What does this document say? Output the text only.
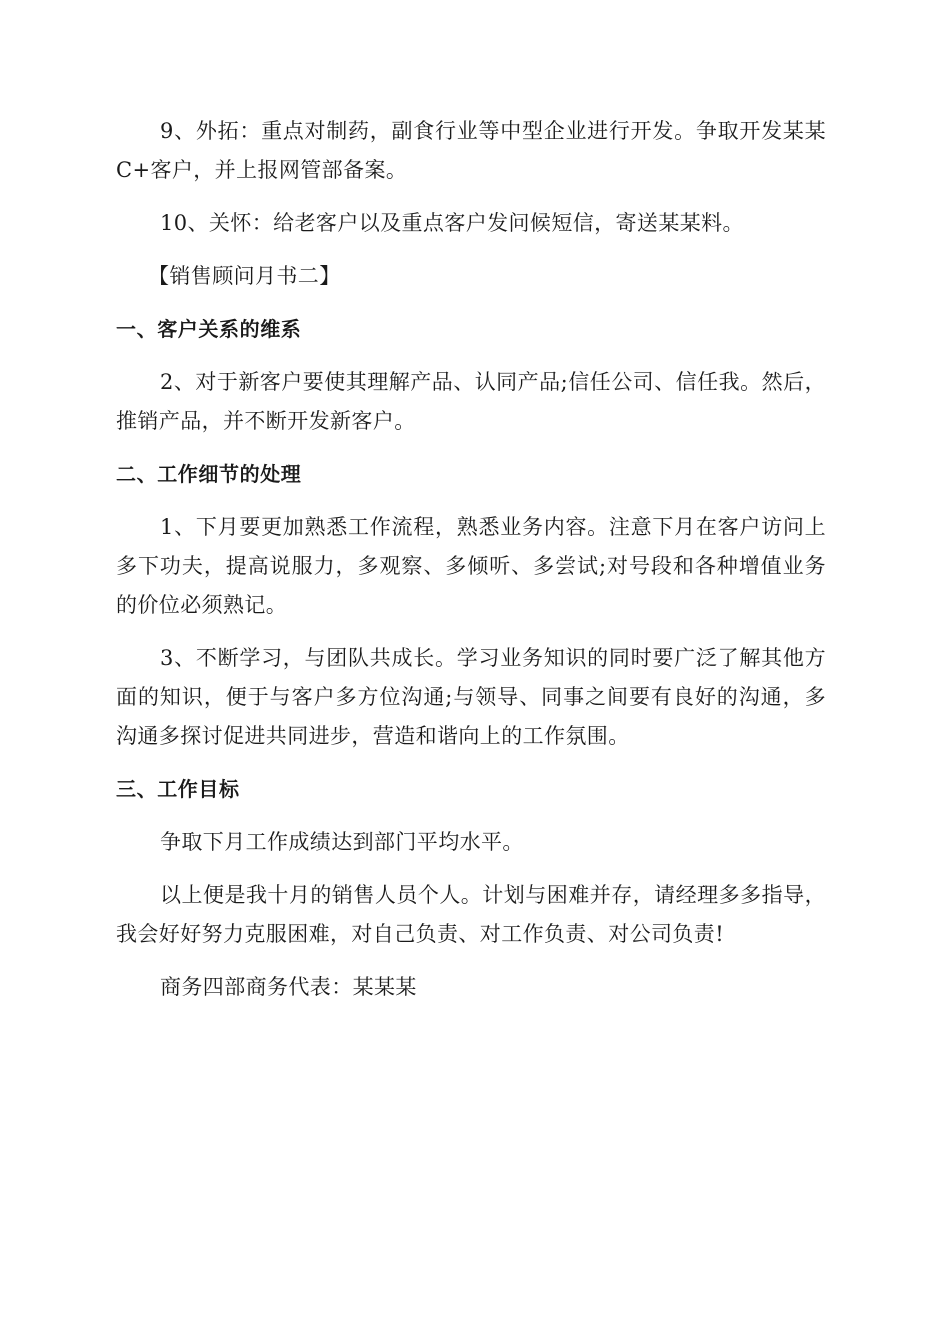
9、外拓：重点对制药，副食行业等中型企业进行开发。争取开发某某C+客户，并上报网管部备案。

10、关怀：给老客户以及重点客户发问候短信，寄送某某料。

【销售顾问月书二】

一、客户关系的维系

2、对于新客户要使其理解产品、认同产品;信任公司、信任我。然后，推销产品，并不断开发新客户。

二、工作细节的处理

1、下月要更加熟悉工作流程，熟悉业务内容。注意下月在客户访问上多下功夫，提高说服力，多观察、多倾听、多尝试;对号段和各种增值业务的价位必须熟记。

3、不断学习，与团队共成长。学习业务知识的同时要广泛了解其他方面的知识，便于与客户多方位沟通;与领导、同事之间要有良好的沟通，多沟通多探讨促进共同进步，营造和谐向上的工作氛围。

三、工作目标

争取下月工作成绩达到部门平均水平。

以上便是我十月的销售人员个人。计划与困难并存，请经理多多指导，我会好好努力克服困难，对自己负责、对工作负责、对公司负责!

商务四部商务代表：某某某
